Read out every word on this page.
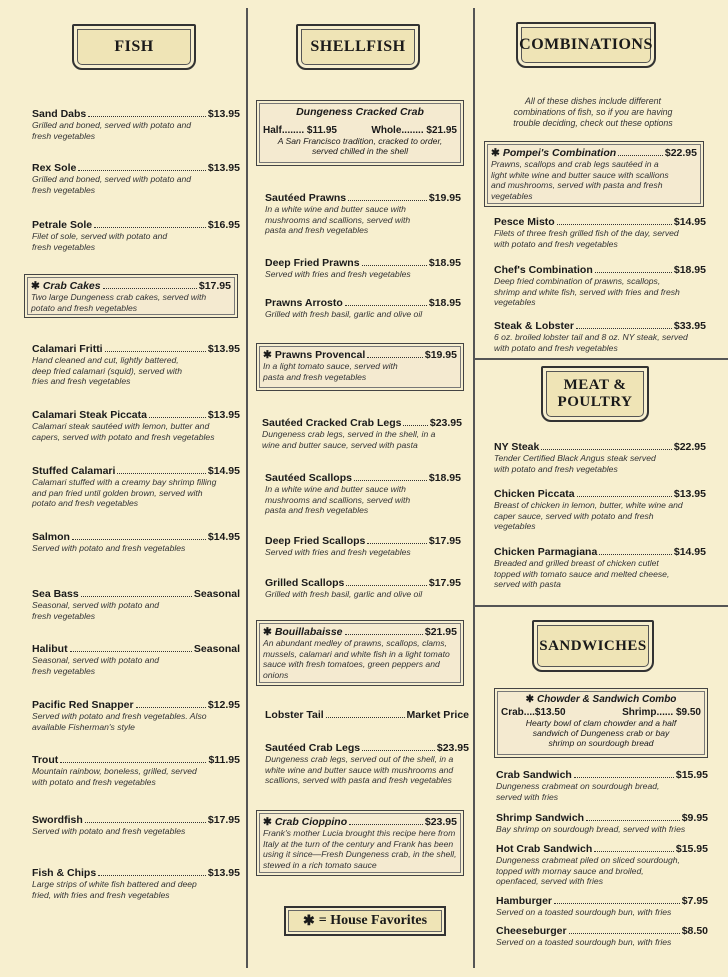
FISH
Sand Dabs	$13.95
Grilled and boned, served with potato and fresh vegetables
Rex Sole	$13.95
Grilled and boned, served with potato and fresh vegetables
Petrale Sole	$16.95
Filet of sole, served with potato and fresh vegetables
✱ Crab Cakes	$17.95
Two large Dungeness crab cakes, served with potato and fresh vegetables
Calamari Fritti	$13.95
Hand cleaned and cut, lightly battered, deep fried calamari (squid), served with fries and fresh vegetables
Calamari Steak Piccata	$13.95
Calamari steak sautéed with lemon, butter and capers, served with potato and fresh vegetables
Stuffed Calamari	$14.95
Calamari stuffed with a creamy bay shrimp filling and pan fried until golden brown, served with potato and fresh vegetables
Salmon	$14.95
Served with potato and fresh vegetables
Sea Bass	Seasonal
Seasonal, served with potato and fresh vegetables
Halibut	Seasonal
Seasonal, served with potato and fresh vegetables
Pacific Red Snapper	$12.95
Served with potato and fresh vegetables. Also available Fisherman's style
Trout	$11.95
Mountain rainbow, boneless, grilled, served with potato and fresh vegetables
Swordfish	$17.95
Served with potato and fresh vegetables
Fish & Chips	$13.95
Large strips of white fish battered and deep fried, with fries and fresh vegetables
SHELLFISH
Dungeness Cracked Crab
Half........ $11.95	Whole........ $21.95
A San Francisco tradition, cracked to order, served chilled in the shell
Sautéed Prawns	$19.95
In a white wine and butter sauce with mushrooms and scallions, served with pasta and fresh vegetables
Deep Fried Prawns	$18.95
Served with fries and fresh vegetables
Prawns Arrosto	$18.95
Grilled with fresh basil, garlic and olive oil
✱ Prawns Provencal	$19.95
In a light tomato sauce, served with pasta and fresh vegetables
Sautéed Cracked Crab Legs	$23.95
Dungeness crab legs, served in the shell, in a wine and butter sauce, served with pasta
Sautéed Scallops	$18.95
In a white wine and butter sauce with mushrooms and scallions, served with pasta and fresh vegetables
Deep Fried Scallops	$17.95
Served with fries and fresh vegetables
Grilled Scallops	$17.95
Grilled with fresh basil, garlic and olive oil
✱ Bouillabaisse	$21.95
An abundant medley of prawns, scallops, clams, mussels, calamari and white fish in a light tomato sauce with fresh tomatoes, green peppers and onions
Lobster Tail	Market Price
Sautéed Crab Legs	$23.95
Dungeness crab legs, served out of the shell, in a white wine and butter sauce with mushrooms and scallions, served with pasta and fresh vegetables
✱ Crab Cioppino	$23.95
Frank's mother Lucia brought this recipe here from Italy at the turn of the century and Frank has been using it since—Fresh Dungeness crab, in the shell, stewed in a rich tomato sauce
✱ = House Favorites
COMBINATIONS
All of these dishes include different combinations of fish, so if you are having trouble deciding, check out these options
✱ Pompei's Combination	$22.95
Prawns, scallops and crab legs sautéed in a light white wine and butter sauce with scallions and mushrooms, served with pasta and fresh vegetables
Pesce Misto	$14.95
Filets of three fresh grilled fish of the day, served with potato and fresh vegetables
Chef's Combination	$18.95
Deep fried combination of prawns, scallops, shrimp and white fish, served with fries and fresh vegetables
Steak & Lobster	$33.95
6 oz. broiled lobster tail and 8 oz. NY steak, served with potato and fresh vegetables
MEAT & POULTRY
NY Steak	$22.95
Tender Certified Black Angus steak served with potato and fresh vegetables
Chicken Piccata	$13.95
Breast of chicken in lemon, butter, white wine and caper sauce, served with potato and fresh vegetables
Chicken Parmagiana	$14.95
Breaded and grilled breast of chicken cutlet topped with tomato sauce and melted cheese, served with pasta
SANDWICHES
✱ Chowder & Sandwich Combo
Crab....$13.50	Shrimp...... $9.50
Hearty bowl of clam chowder and a half sandwich of Dungeness crab or bay shrimp on sourdough bread
Crab Sandwich	$15.95
Dungeness crabmeat on sourdough bread, served with fries
Shrimp Sandwich	$9.95
Bay shrimp on sourdough bread, served with fries
Hot Crab Sandwich	$15.95
Dungeness crabmeat piled on sliced sourdough, topped with mornay sauce and broiled, openfaced, served with fries
Hamburger	$7.95
Served on a toasted sourdough bun, with fries
Cheeseburger	$8.50
Served on a toasted sourdough bun, with fries
